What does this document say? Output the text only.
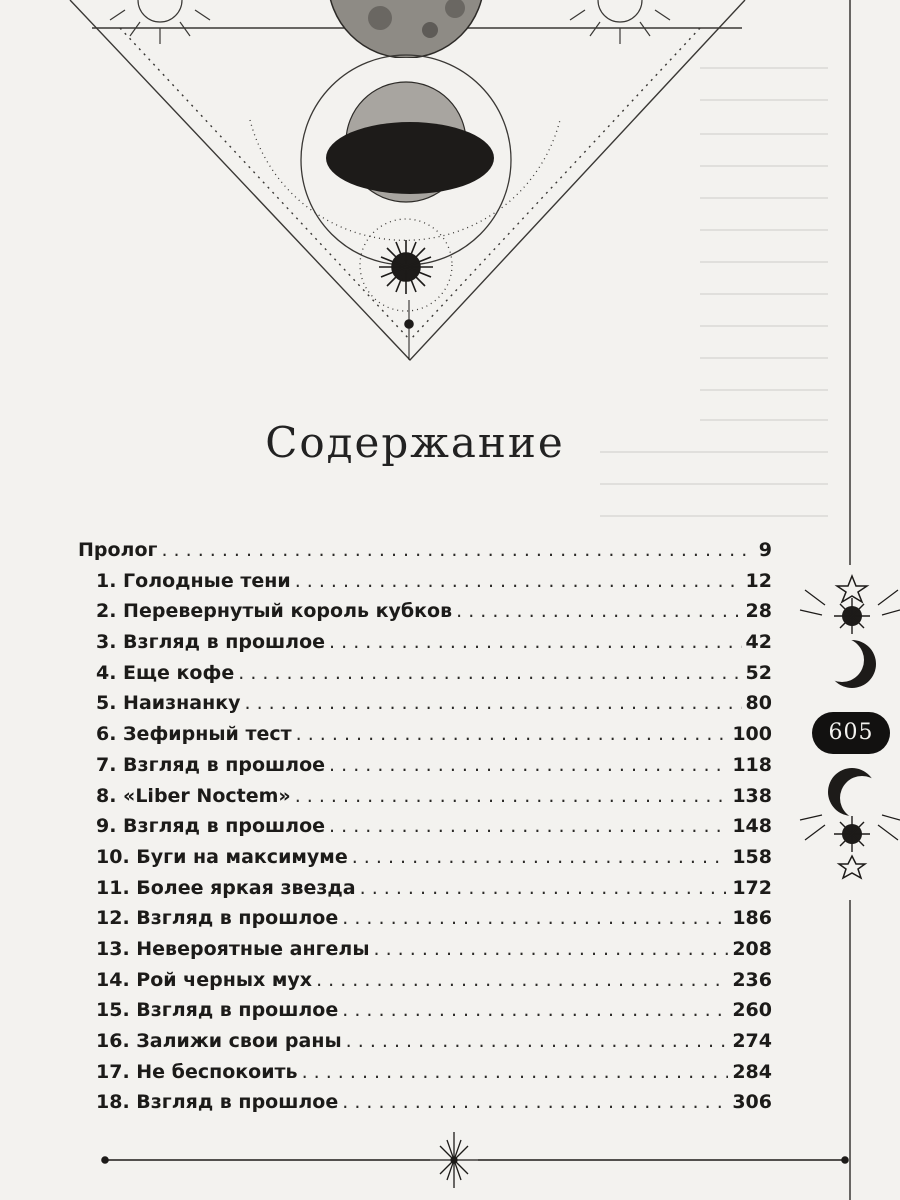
Содержание
Пролог . . .	9
1. Голодные тени . . .	12
2. Перевернутый король кубков . . .	28
3. Взгляд в прошлое . . .	42
4. Еще кофе . . .	52
5. Наизнанку . . .	80
6. Зефирный тест . . .	100
7. Взгляд в прошлое . . .	118
8. «Liber Noctem» . . .	138
9. Взгляд в прошлое . . .	148
10. Буги на максимуме . . .	158
11. Более яркая звезда . . .	172
12. Взгляд в прошлое . . .	186
13. Невероятные ангелы . . .	208
14. Рой черных мух . . .	236
15. Взгляд в прошлое . . .	260
16. Залижи свои раны . . .	274
17. Не беспокоить . . .	284
18. Взгляд в прошлое . . .	306
605
